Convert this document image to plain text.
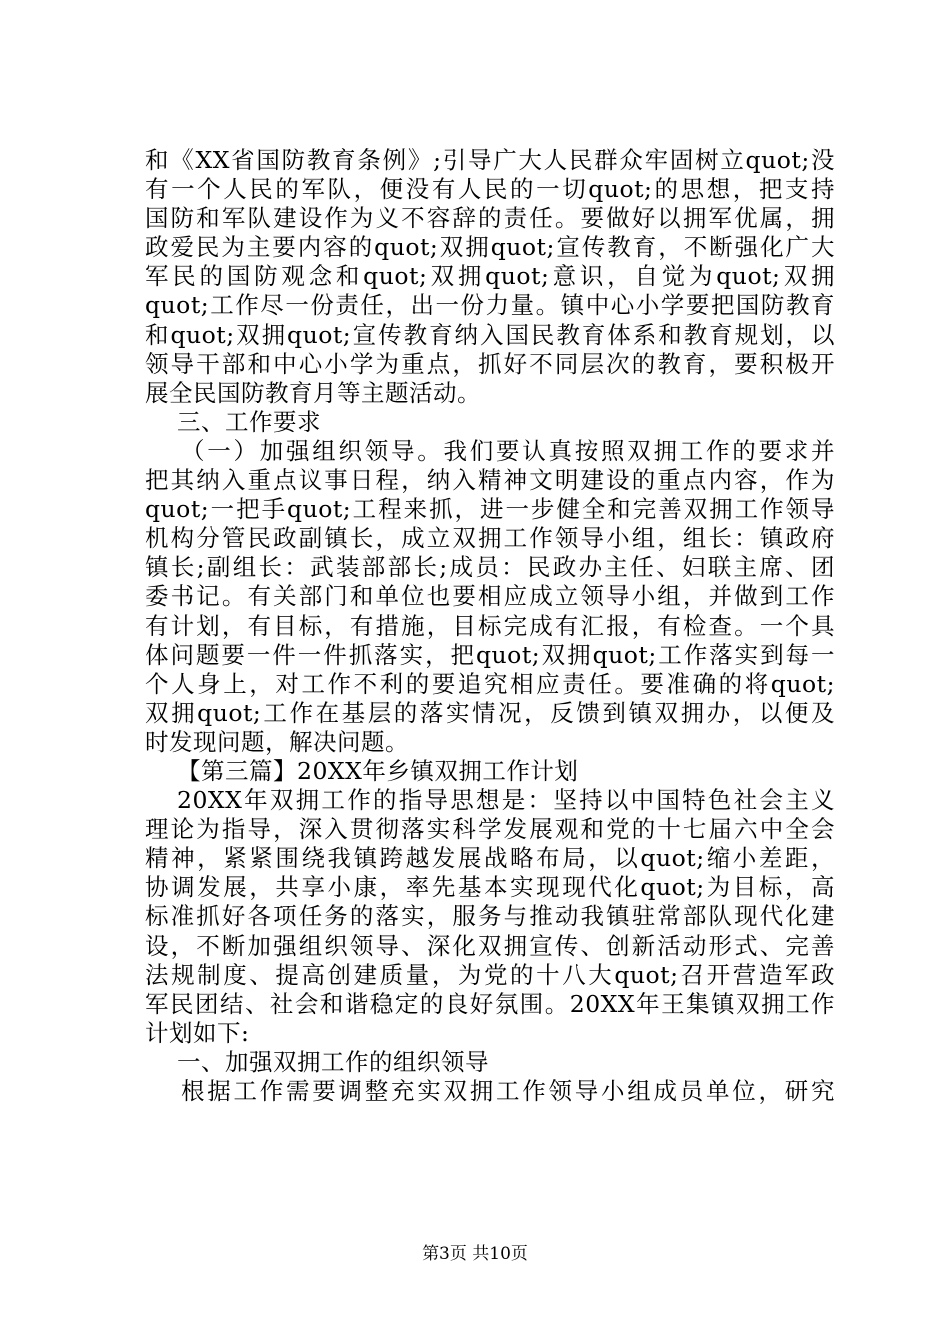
和《XX省国防教育条例》;引导广大人民群众牢固树立quot;没
有一个人民的军队，便没有人民的一切quot;的思想，把支持
国防和军队建设作为义不容辞的责任。要做好以拥军优属，拥
政爱民为主要内容的quot;双拥quot;宣传教育，不断强化广大
军民的国防观念和quot;双拥quot;意识，自觉为quot;双拥
quot;工作尽一份责任，出一份力量。镇中心小学要把国防教育
和quot;双拥quot;宣传教育纳入国民教育体系和教育规划，以
领导干部和中心小学为重点，抓好不同层次的教育，要积极开
展全民国防教育月等主题活动。
三、工作要求
（一）加强组织领导。我们要认真按照双拥工作的要求并
把其纳入重点议事日程，纳入精神文明建设的重点内容，作为
quot;一把手quot;工程来抓，进一步健全和完善双拥工作领导
机构分管民政副镇长，成立双拥工作领导小组，组长：镇政府
镇长;副组长：武装部部长;成员：民政办主任、妇联主席、团
委书记。有关部门和单位也要相应成立领导小组，并做到工作
有计划，有目标，有措施，目标完成有汇报，有检查。一个具
体问题要一件一件抓落实，把quot;双拥quot;工作落实到每一
个人身上，对工作不利的要追究相应责任。要准确的将quot;
双拥quot;工作在基层的落实情况，反馈到镇双拥办，以便及
时发现问题，解决问题。
【第三篇】20XX年乡镇双拥工作计划
20XX年双拥工作的指导思想是：坚持以中国特色社会主义
理论为指导，深入贯彻落实科学发展观和党的十七届六中全会
精神，紧紧围绕我镇跨越发展战略布局，以quot;缩小差距，
协调发展，共享小康，率先基本实现现代化quot;为目标，高
标准抓好各项任务的落实，服务与推动我镇驻常部队现代化建
设，不断加强组织领导、深化双拥宣传、创新活动形式、完善
法规制度、提高创建质量，为党的十八大quot;召开营造军政
军民团结、社会和谐稳定的良好氛围。20XX年王集镇双拥工作
计划如下:
一、加强双拥工作的组织领导
根据工作需要调整充实双拥工作领导小组成员单位，研究
第3页 共10页
